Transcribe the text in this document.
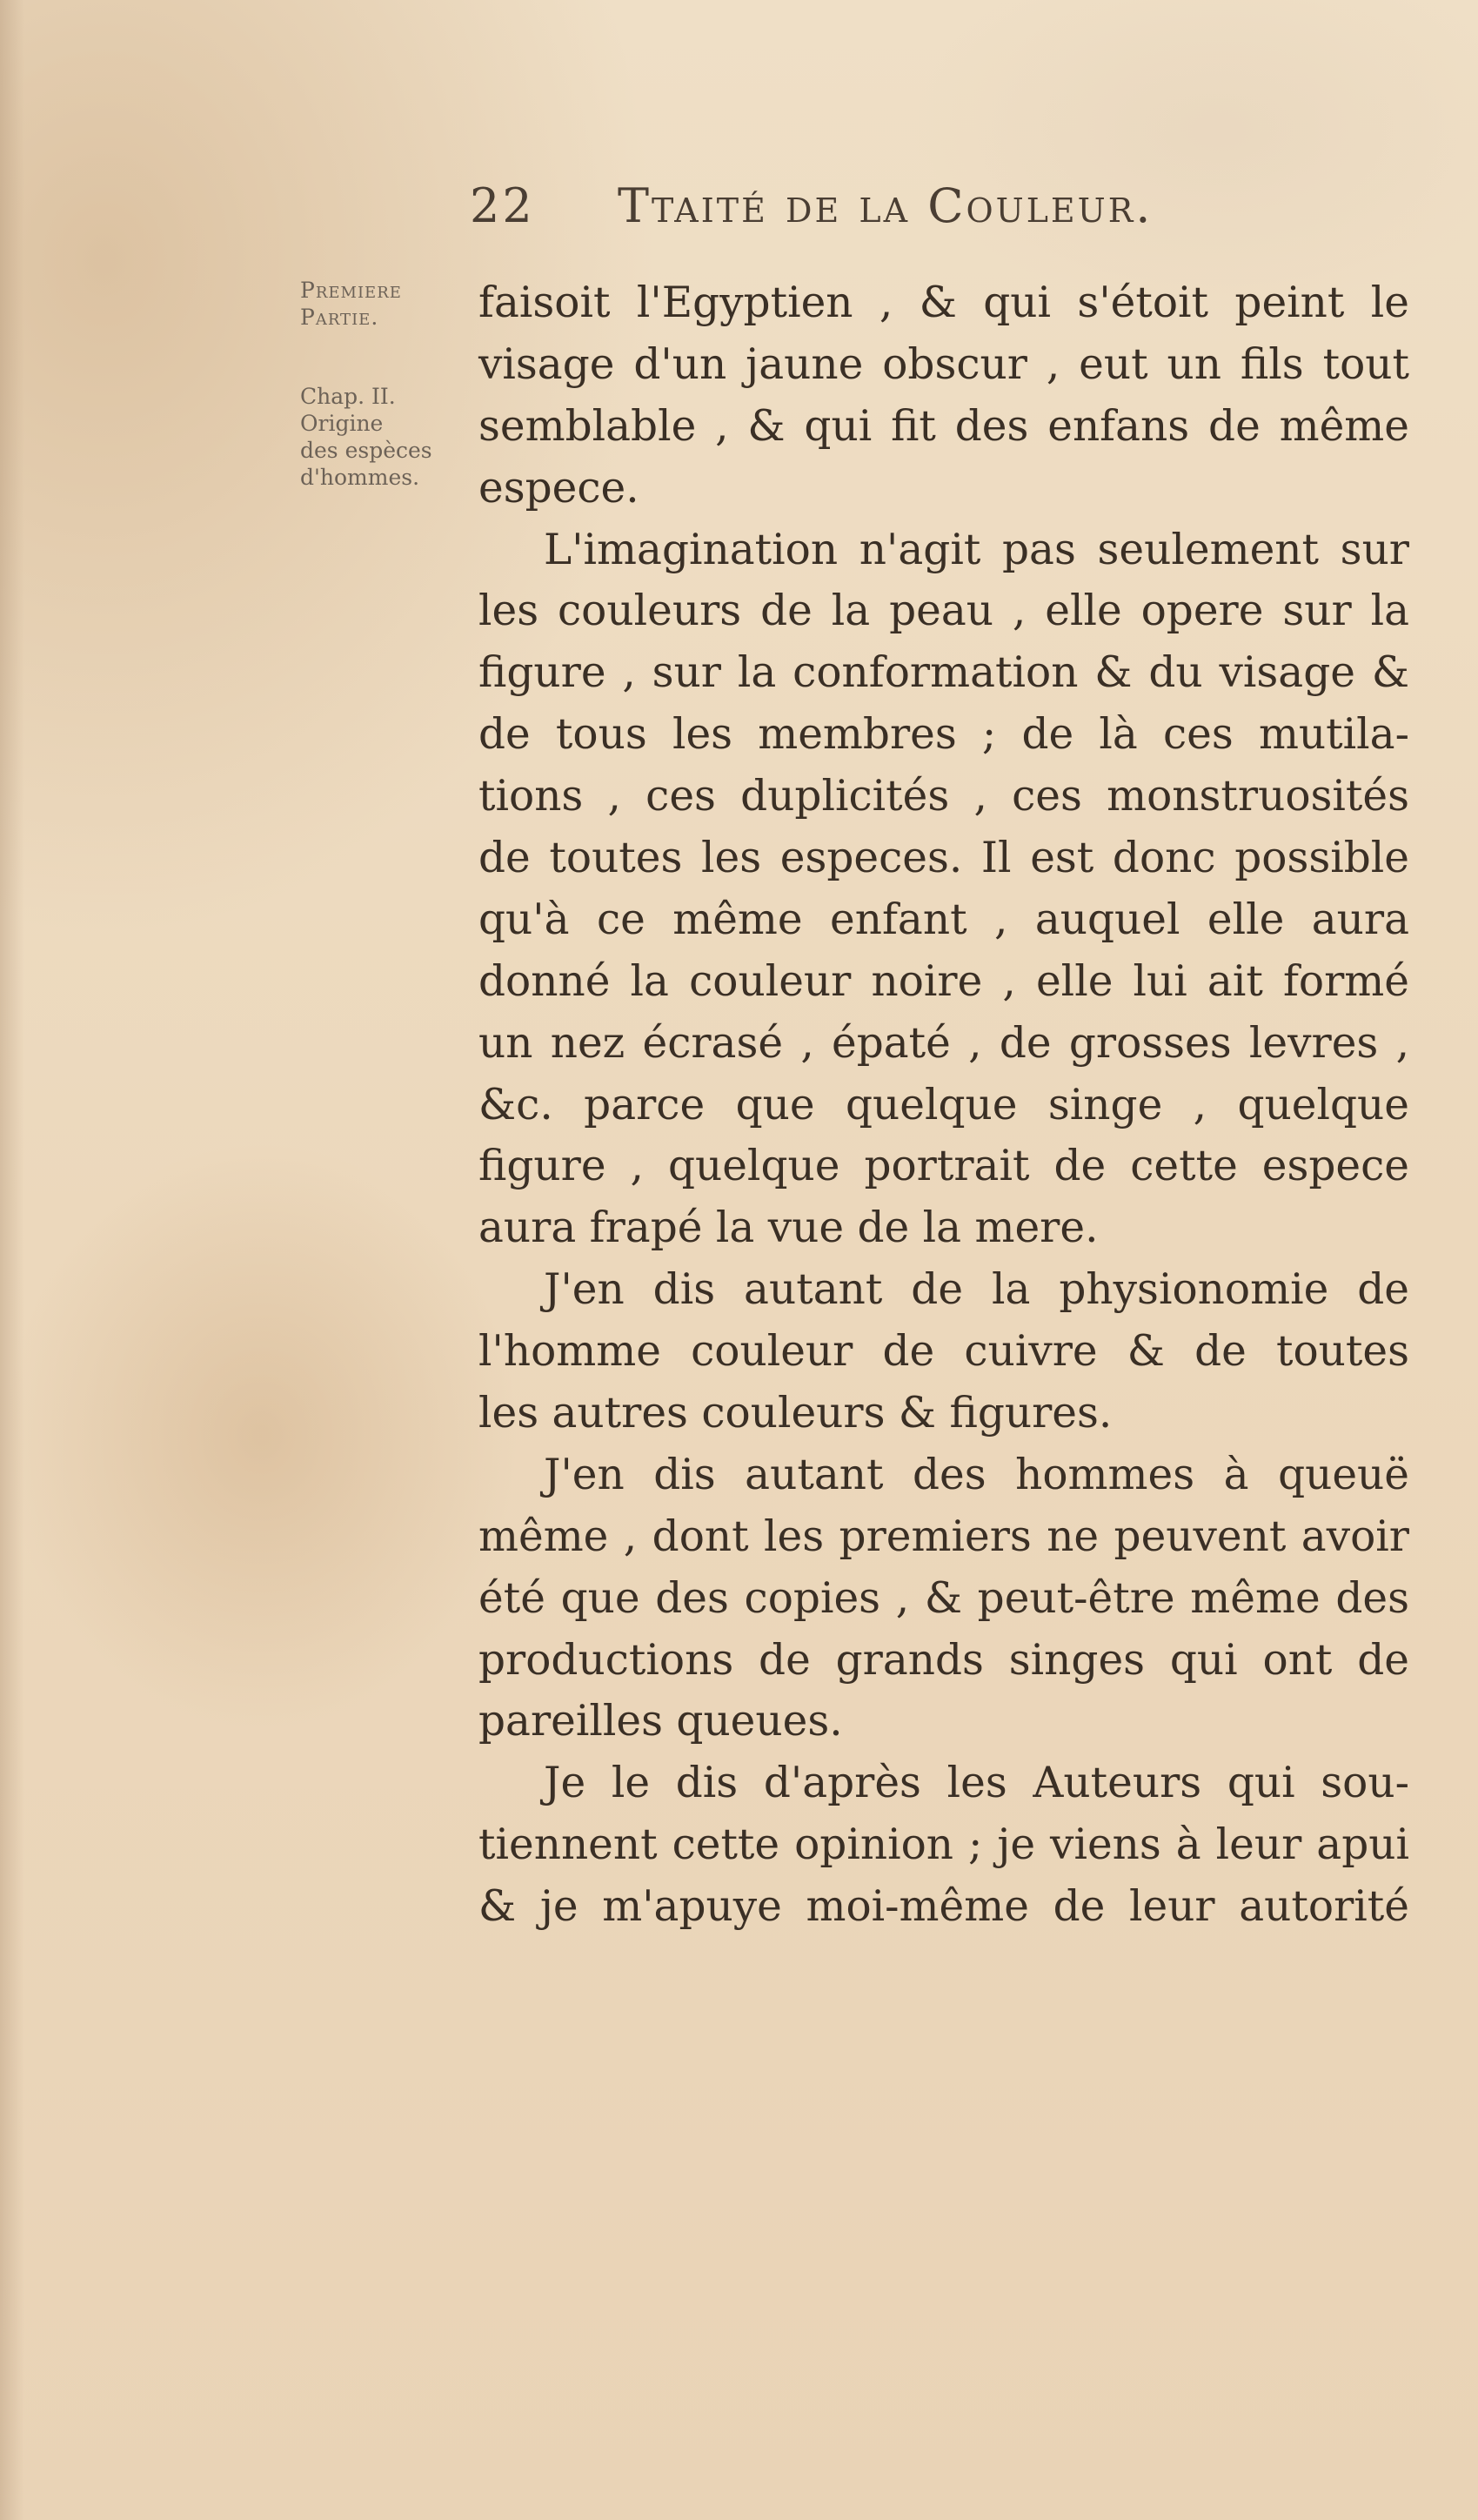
22 Ttaité de la Couleur.
Premiere
Partie.
Chap. II.
Origine
des espèces
d'hommes.
faisoit l'Egyptien , & qui s'étoit peint le
visage d'un jaune obscur , eut un fils tout
semblable , & qui fit des enfans de même
espece.
L'imagination n'agit pas seulement sur
les couleurs de la peau , elle opere sur la
figure , sur la conformation & du visage &
de tous les membres ; de là ces mutila-
tions , ces duplicités , ces monstruosités
de toutes les especes. Il est donc possible
qu'à ce même enfant , auquel elle aura
donné la couleur noire , elle lui ait formé
un nez écrasé , épaté , de grosses levres ,
&c. parce que quelque singe , quelque
figure , quelque portrait de cette espece
aura frapé la vue de la mere.
J'en dis autant de la physionomie de
l'homme couleur de cuivre & de toutes
les autres couleurs & figures.
J'en dis autant des hommes à queuë
même , dont les premiers ne peuvent avoir
été que des copies , & peut-être même des
productions de grands singes qui ont de
pareilles queues.
Je le dis d'après les Auteurs qui sou-
tiennent cette opinion ; je viens à leur apui
& je m'apuye moi-même de leur autorité
